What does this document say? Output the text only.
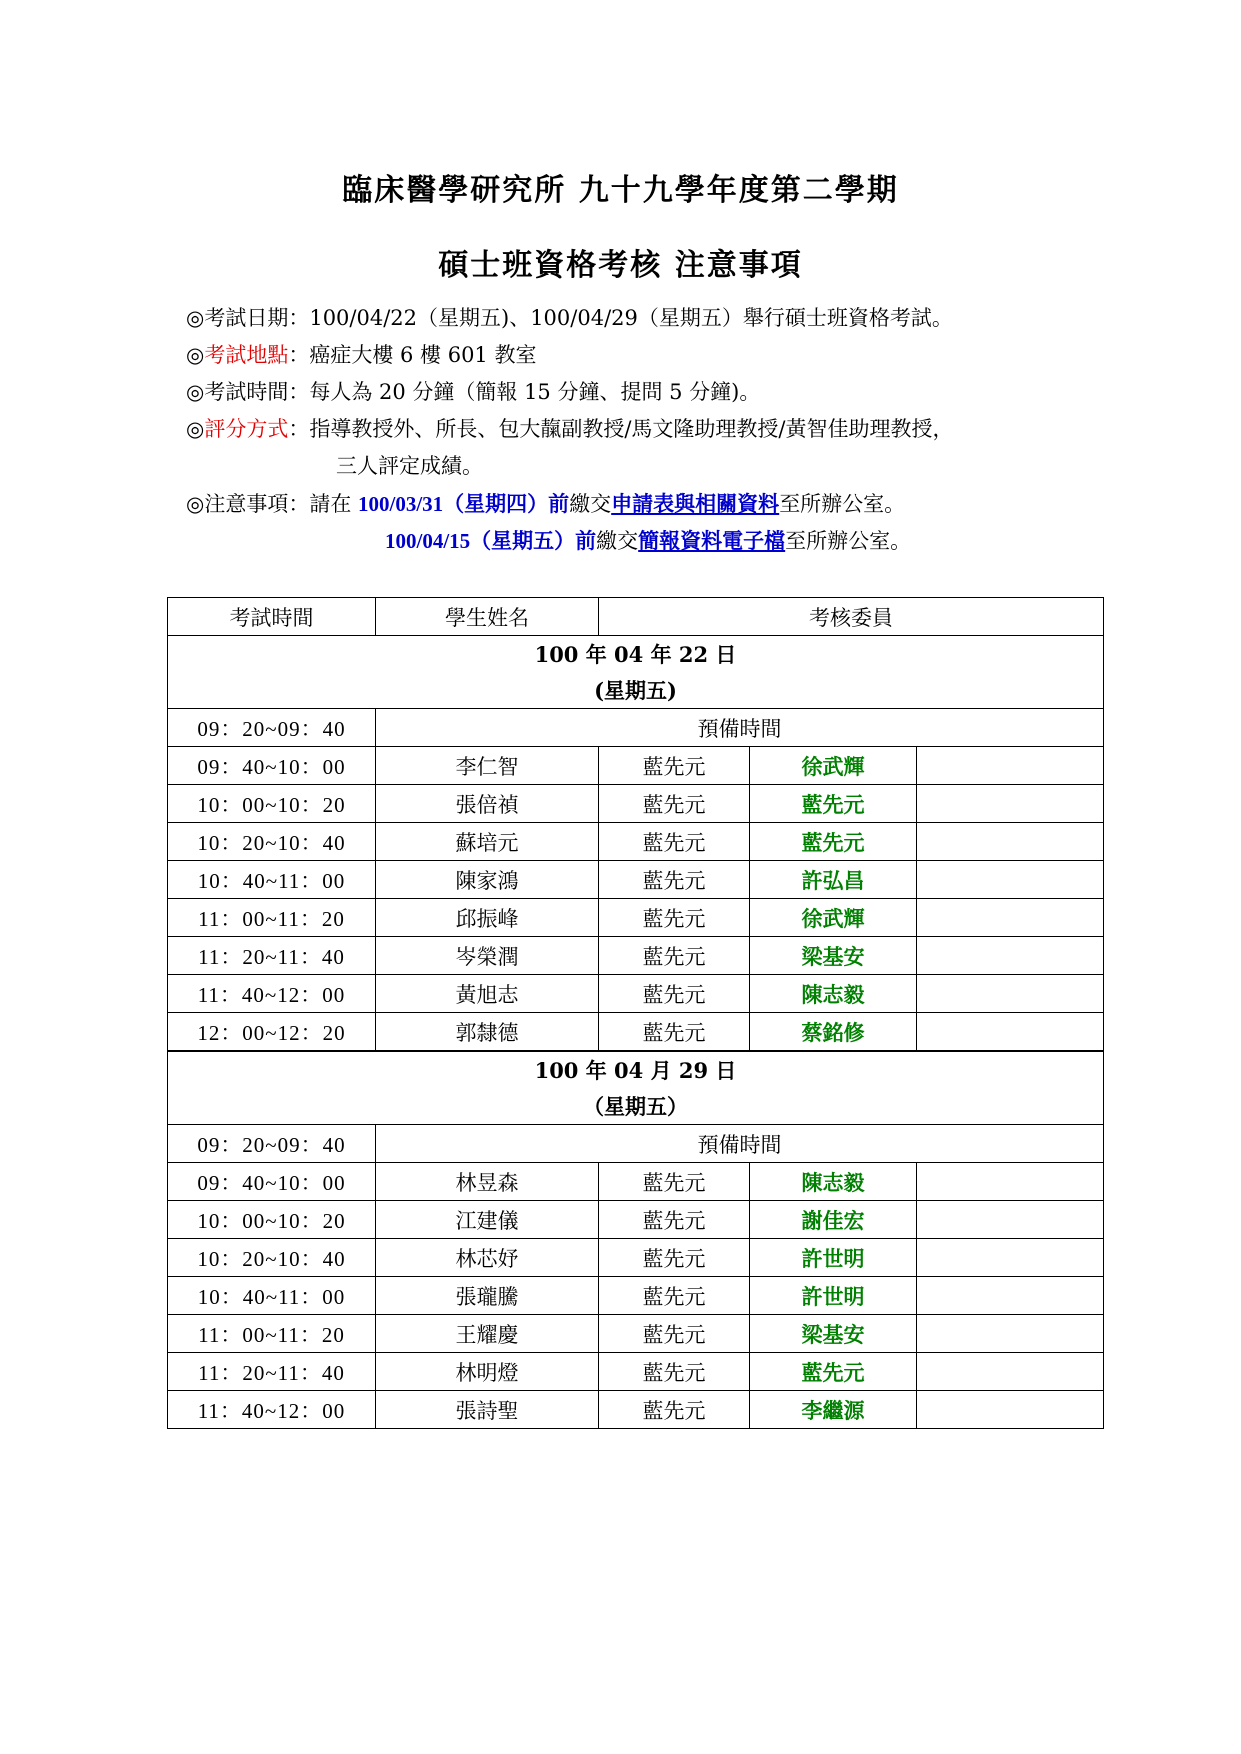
臨床醫學研究所 九十九學年度第二學期
碩士班資格考核 注意事項
◎考試日期：100/04/22（星期五)、100/04/29（星期五）舉行碩士班資格考試。
◎考試地點：癌症大樓 6 樓 601 教室
◎考試時間：每人為 20 分鐘（簡報 15 分鐘、提問 5 分鐘)。
◎評分方式：指導教授外、所長、包大靝副教授/馬文隆助理教授/黃智佳助理教授，
三人評定成績。
◎注意事項：請在 100/03/31（星期四）前繳交申請表與相關資料至所辦公室。
100/04/15（星期五）前繳交簡報資料電子檔至所辦公室。
考試時間	學生姓名	考核委員		
100 年 04 年 22 日				
(星期五)				
09：20~09：40	預備時間			
09：40~10：00	李仁智	藍先元	徐武輝	
10：00~10：20	張倍禎	藍先元	藍先元	
10：20~10：40	蘇培元	藍先元	藍先元	
10：40~11：00	陳家鴻	藍先元	許弘昌	
11：00~11：20	邱振峰	藍先元	徐武輝	
11：20~11：40	岑榮潤	藍先元	梁基安	
11：40~12：00	黃旭志	藍先元	陳志毅	
12：00~12：20	郭隸德	藍先元	蔡銘修	
100 年 04 月 29 日				
（星期五）				
09：20~09：40	預備時間			
09：40~10：00	林昱森	藍先元	陳志毅	
10：00~10：20	江建儀	藍先元	謝佳宏	
10：20~10：40	林芯妤	藍先元	許世明	
10：40~11：00	張瓏騰	藍先元	許世明	
11：00~11：20	王耀慶	藍先元	梁基安	
11：20~11：40	林明燈	藍先元	藍先元	
11：40~12：00	張詩聖	藍先元	李繼源	
